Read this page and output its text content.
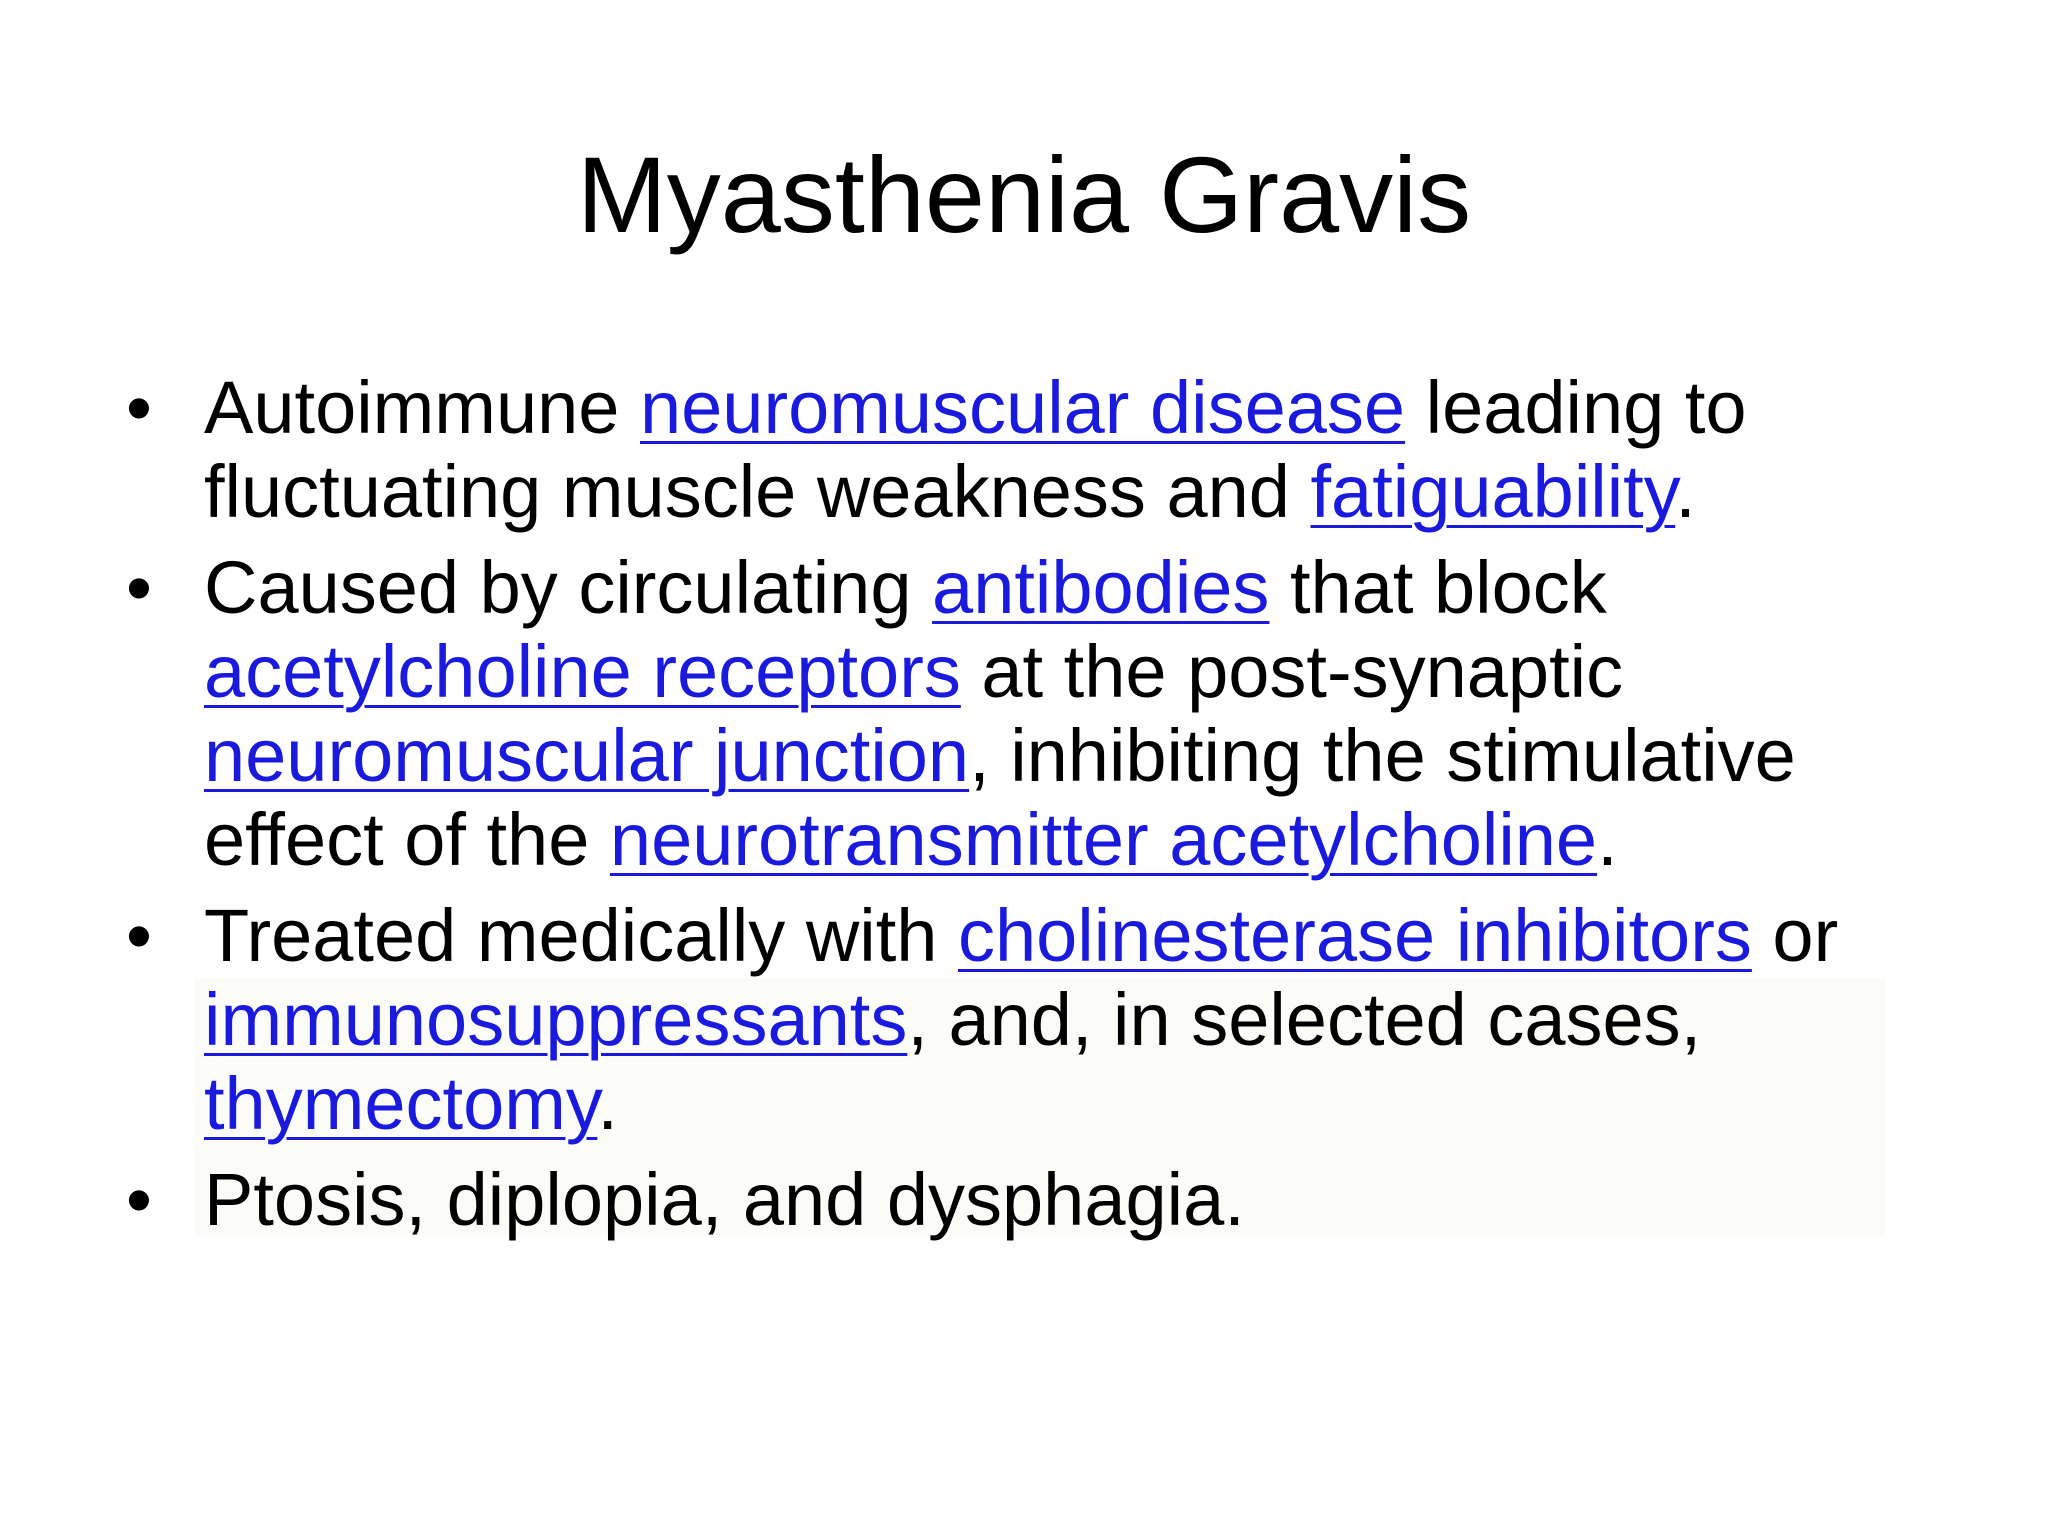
Myasthenia Gravis
• Autoimmune neuromuscular disease leading to fluctuating muscle weakness and fatiguability.
• Caused by circulating antibodies that block acetylcholine receptors at the post-synaptic neuromuscular junction, inhibiting the stimulative effect of the neurotransmitter acetylcholine.
• Treated medically with cholinesterase inhibitors or immunosuppressants, and, in selected cases, thymectomy.
• Ptosis, diplopia, and dysphagia.
